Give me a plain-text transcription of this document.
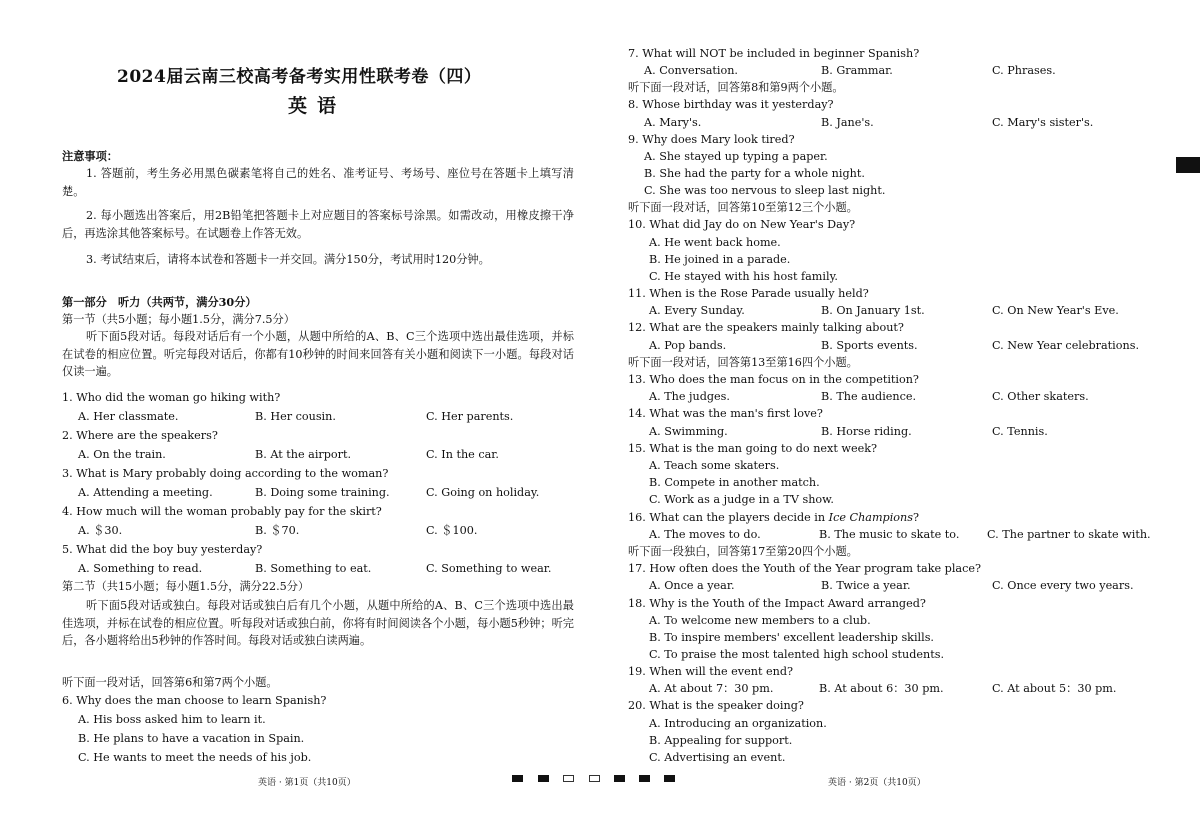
2024届云南三校高考备考实用性联考卷（四）
英语
注意事项：
1. 答题前，考生务必用黑色碳素笔将自己的姓名、准考证号、考场号、座位号在答题卡上填写清楚。
2. 每小题选出答案后，用2B铅笔把答题卡上对应题目的答案标号涂黑。如需改动，用橡皮擦干净后，再选涂其他答案标号。在试题卷上作答无效。
3. 考试结束后，请将本试卷和答题卡一并交回。满分150分，考试用时120分钟。
第一部分　听力（共两节，满分30分）
第一节（共5小题；每小题1.5分，满分7.5分）
听下面5段对话。每段对话后有一个小题，从题中所给的A、B、C三个选项中选出最佳选项，并标在试卷的相应位置。听完每段对话后，你都有10秒钟的时间来回答有关小题和阅读下一小题。每段对话仅读一遍。
1. Who did the woman go hiking with?
A. Her classmate.	B. Her cousin.	C. Her parents.
2. Where are the speakers?
A. On the train.	B. At the airport.	C. In the car.
3. What is Mary probably doing according to the woman?
A. Attending a meeting.	B. Doing some training.	C. Going on holiday.
4. How much will the woman probably pay for the skirt?
A. ＄30.	B. ＄70.	C. ＄100.
5. What did the boy buy yesterday?
A. Something to read.	B. Something to eat.	C. Something to wear.
第二节（共15小题；每小题1.5分，满分22.5分）
听下面5段对话或独白。每段对话或独白后有几个小题，从题中所给的A、B、C三个选项中选出最佳选项，并标在试卷的相应位置。听每段对话或独白前，你将有时间阅读各个小题，每小题5秒钟；听完后，各小题将给出5秒钟的作答时间。每段对话或独白读两遍。
听下面一段对话，回答第6和第7两个小题。
6. Why does the man choose to learn Spanish?
A. His boss asked him to learn it.
B. He plans to have a vacation in Spain.
C. He wants to meet the needs of his job.
英语 · 第1页（共10页）
7. What will NOT be included in beginner Spanish?
A. Conversation.	B. Grammar.	C. Phrases.
听下面一段对话，回答第8和第9两个小题。
8. Whose birthday was it yesterday?
A. Mary's.	B. Jane's.	C. Mary's sister's.
9. Why does Mary look tired?
A. She stayed up typing a paper.
B. She had the party for a whole night.
C. She was too nervous to sleep last night.
听下面一段对话，回答第10至第12三个小题。
10. What did Jay do on New Year's Day?
A. He went back home.
B. He joined in a parade.
C. He stayed with his host family.
11. When is the Rose Parade usually held?
A. Every Sunday.	B. On January 1st.	C. On New Year's Eve.
12. What are the speakers mainly talking about?
A. Pop bands.	B. Sports events.	C. New Year celebrations.
听下面一段对话，回答第13至第16四个小题。
13. Who does the man focus on in the competition?
A. The judges.	B. The audience.	C. Other skaters.
14. What was the man's first love?
A. Swimming.	B. Horse riding.	C. Tennis.
15. What is the man going to do next week?
A. Teach some skaters.
B. Compete in another match.
C. Work as a judge in a TV show.
16. What can the players decide in Ice Champions?
A. The moves to do.	B. The music to skate to. C. The partner to skate with.
听下面一段独白，回答第17至第20四个小题。
17. How often does the Youth of the Year program take place?
A. Once a year.	B. Twice a year.	C. Once every two years.
18. Why is the Youth of the Impact Award arranged?
A. To welcome new members to a club.
B. To inspire members' excellent leadership skills.
C. To praise the most talented high school students.
19. When will the event end?
A. At about 7：30 pm.	B. At about 6：30 pm.	C. At about 5：30 pm.
20. What is the speaker doing?
A. Introducing an organization.
B. Appealing for support.
C. Advertising an event.
英语 · 第2页（共10页）
